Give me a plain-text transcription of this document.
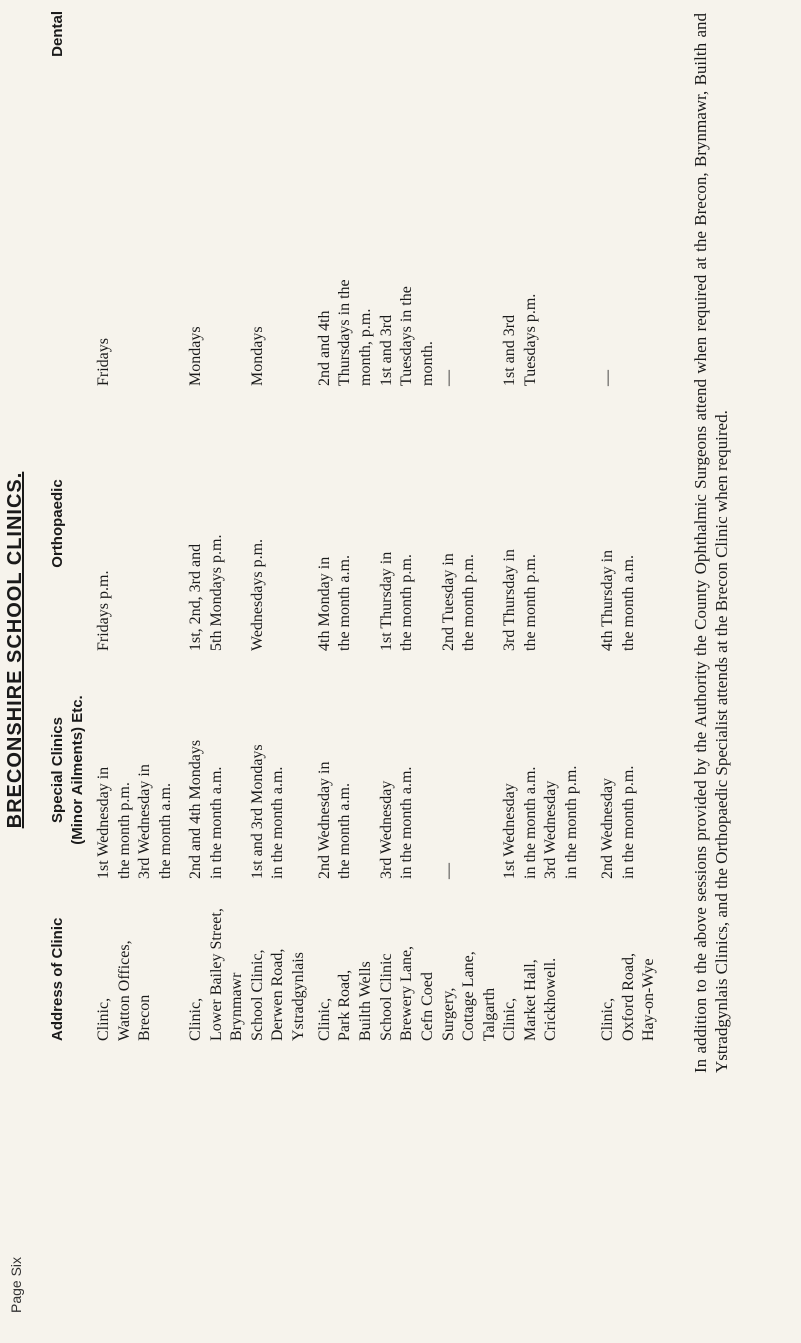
BRECONSHIRE SCHOOL CLINICS.
Address of Clinic	Special Clinics (Minor Ailments) Etc.	Orthopaedic		Dental
Clinic,
Watton Offices,
Brecon	1st Wednesday in
the month p.m.
3rd Wednesday in
the month a.m.	Fridays p.m.	Fridays	
Clinic,
Lower Bailey Street,
Brynmawr	2nd and 4th Mondays
in the month a.m.	1st, 2nd, 3rd and
5th Mondays p.m.	Mondays	
School Clinic,
Derwen Road,
Ystradgynlais	1st and 3rd Mondays
in the month a.m.	Wednesdays p.m.	Mondays	
Clinic,
Park Road,
Builth Wells	2nd Wednesday in
the month a.m.	4th Monday in
the month a.m.	2nd and 4th
Thursdays in the
month, p.m.	
School Clinic
Brewery Lane,
Cefn Coed	3rd Wednesday
in the month a.m.	1st Thursday in
the month p.m.	1st and 3rd
Tuesdays in the
month.	
Surgery,
Cottage Lane,
Talgarth	—	2nd Tuesday in
the month p.m.	—	
Clinic,
Market Hall,
Crickhowell.	1st Wednesday
in the month a.m.
3rd Wednesday
in the month p.m.	3rd Thursday in
the month p.m.	1st and 3rd
Tuesdays p.m.	
Clinic,
Oxford Road,
Hay-on-Wye	2nd Wednesday
in the month p.m.	4th Thursday in
the month a.m.	—		In addition to the above sessions provided by the Authority the County Ophthalmic Surgeons attend when required at the Brecon, Brynmawr, Builth and Ystradgynlais Clinics, and the Orthopaedic Specialist attends at the Brecon Clinic when required.
Page Six
